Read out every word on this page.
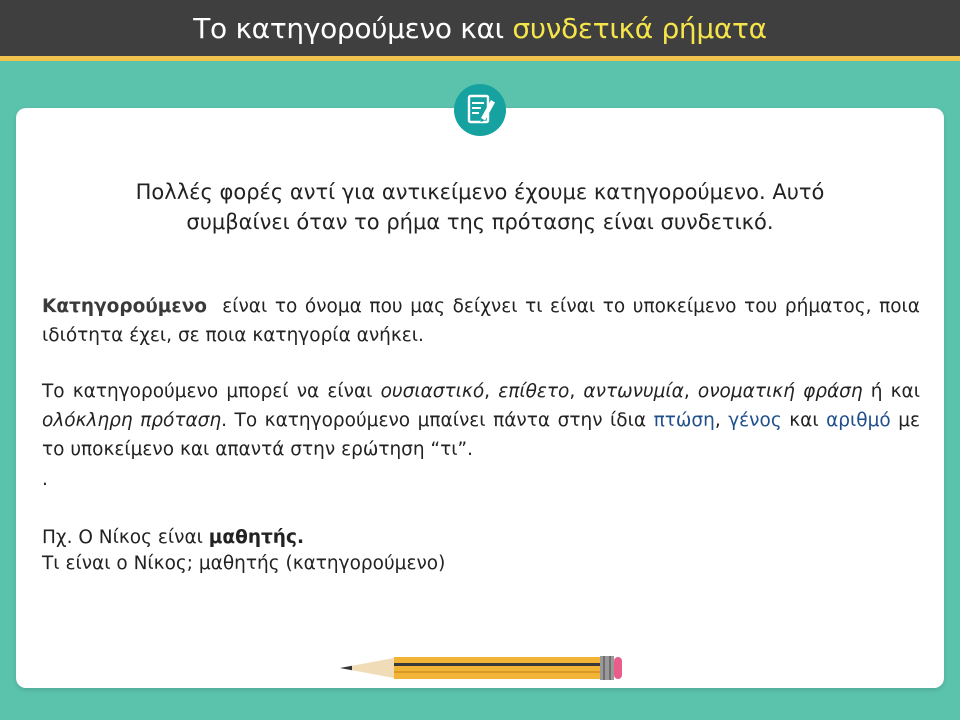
Το κατηγορούμενο και συνδετικά ρήματα
Πολλές φορές αντί για αντικείμενο έχουμε κατηγορούμενο. Αυτό
συμβαίνει όταν το ρήμα της πρότασης είναι συνδετικό.
Κατηγορούμενο  είναι το όνομα που μας δείχνει τι είναι το υποκείμενο του ρήματος, ποια ιδιότητα έχει, σε ποια κατηγορία ανήκει.
Το κατηγορούμενο μπορεί να είναι ουσιαστικό, επίθετο, αντωνυμία, ονοματική φράση ή και ολόκληρη πρόταση. Το κατηγορούμενο μπαίνει πάντα στην ίδια πτώση, γένος και αριθμό με το υποκείμενο και απαντά στην ερώτηση “τι”.
.
Πχ. Ο Νίκος είναι μαθητής.
Τι είναι ο Νίκος; μαθητής (κατηγορούμενο)
